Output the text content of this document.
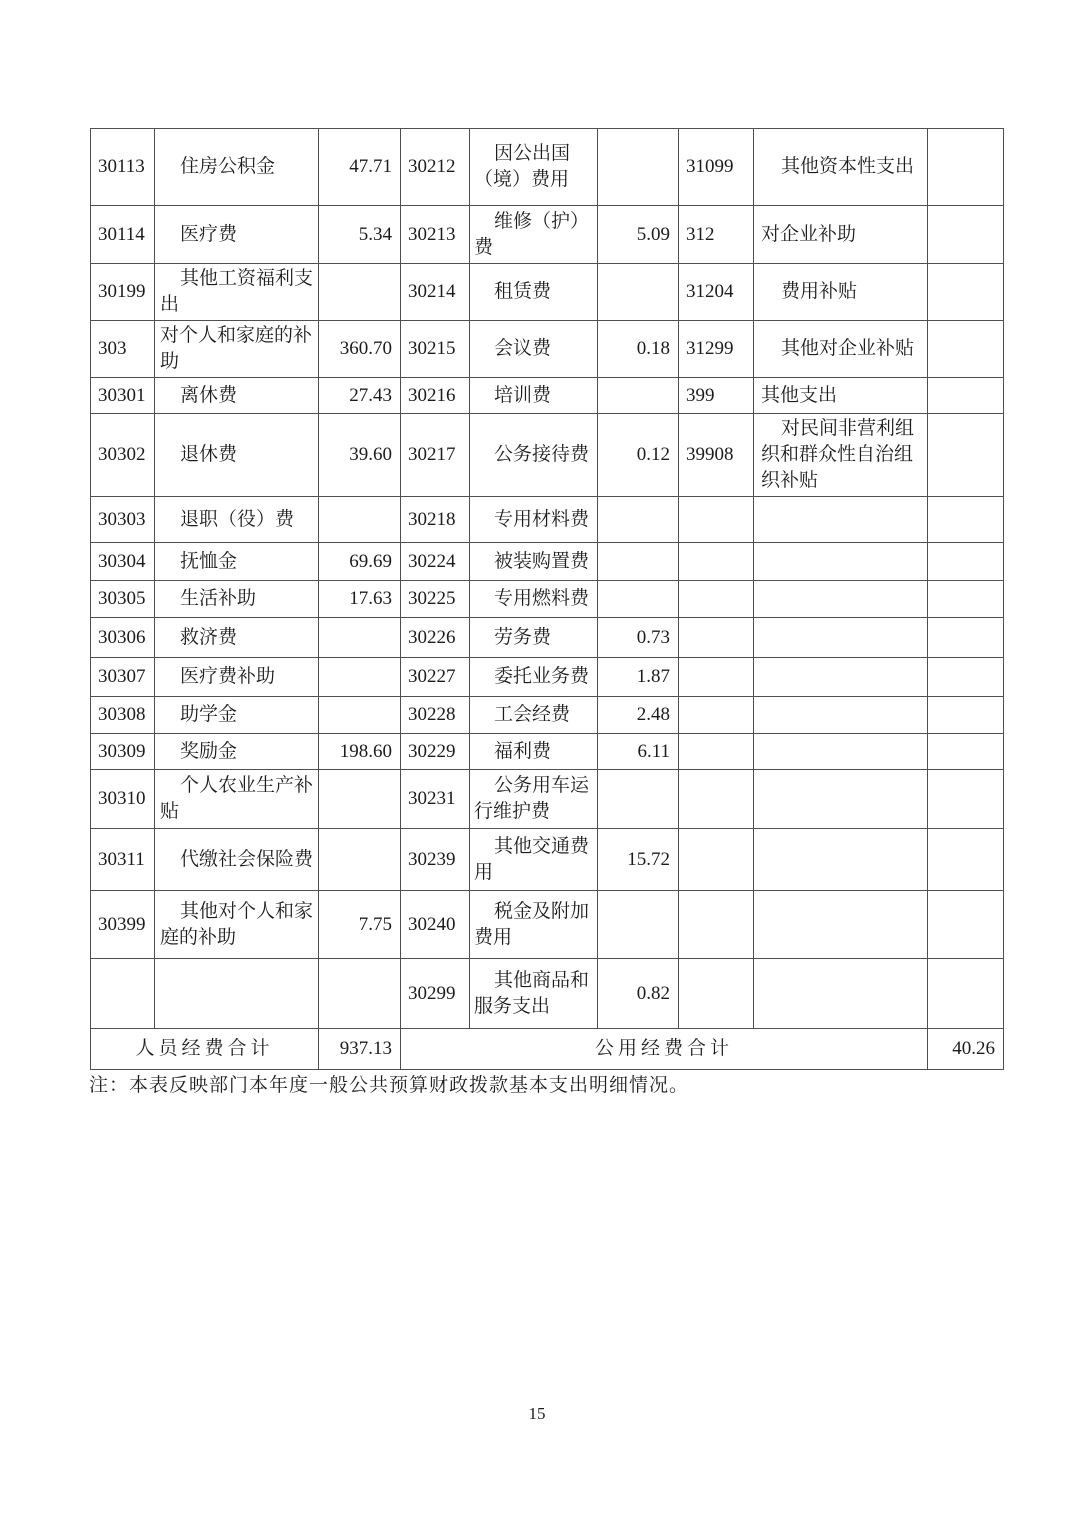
30113	住房公积金	47.71	30212	因公出国（境）费用		31099	其他资本性支出	
30114	医疗费	5.34	30213	维修（护）费	5.09	312	对企业补助	
30199	其他工资福利支出		30214	租赁费		31204	费用补贴	
303	对个人和家庭的补助	360.70	30215	会议费	0.18	31299	其他对企业补贴	
30301	离休费	27.43	30216	培训费		399	其他支出	
30302	退休费	39.60	30217	公务接待费	0.12	39908	对民间非营利组织和群众性自治组织补贴	
30303	退职（役）费		30218	专用材料费				
30304	抚恤金	69.69	30224	被装购置费				
30305	生活补助	17.63	30225	专用燃料费				
30306	救济费		30226	劳务费	0.73			
30307	医疗费补助		30227	委托业务费	1.87			
30308	助学金		30228	工会经费	2.48			
30309	奖励金	198.60	30229	福利费	6.11			
30310	个人农业生产补贴		30231	公务用车运行维护费				
30311	代缴社会保险费		30239	其他交通费用	15.72			
30399	其他对个人和家庭的补助	7.75	30240	税金及附加费用				
			30299	其他商品和服务支出	0.82			
人员经费合计		937.13	公用经费合计					40.26

注：本表反映部门本年度一般公共预算财政拨款基本支出明细情况。

15
